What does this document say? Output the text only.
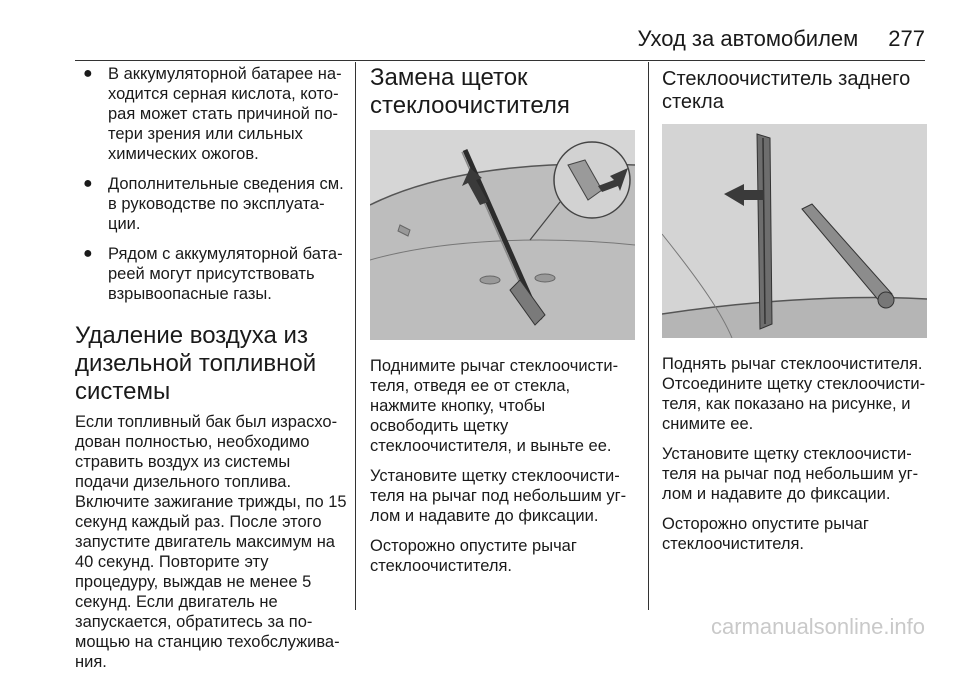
Уход за автомобилем 277
● В аккумуляторной батарее находится серная кислота, которая может стать причиной потери зрения или сильных химических ожогов.
● Дополнительные сведения см. в руководстве по эксплуатации.
● Рядом с аккумуляторной батареей могут присутствовать взрывоопасные газы.
Удаление воздуха из дизельной топливной системы

Если топливный бак был израсходован полностью, необходимо стравить воздух из системы подачи дизельного топлива. Включите зажигание трижды, по 15 секунд каждый раз. После этого запустите двигатель максимум на 40 секунд. Повторите эту процедуру, выждав не менее 5 секунд. Если двигатель не запускается, обратитесь за помощью на станцию техобслуживания.

Замена щеток стеклоочистителя

Поднимите рычаг стеклоочистителя, отведя ее от стекла, нажмите кнопку, чтобы освободить щетку стеклоочистителя, и выньте ее.

Установите щетку стеклоочистителя на рычаг под небольшим углом и надавите до фиксации.

Осторожно опустите рычаг стеклоочистителя.

Стеклоочиститель заднего стекла

Поднять рычаг стеклоочистителя. Отсоедините щетку стеклоочистителя, как показано на рисунке, и снимите ее.

Установите щетку стеклоочистителя на рычаг под небольшим углом и надавите до фиксации.

Осторожно опустите рычаг стеклоочистителя.

carmanualsonline.info
